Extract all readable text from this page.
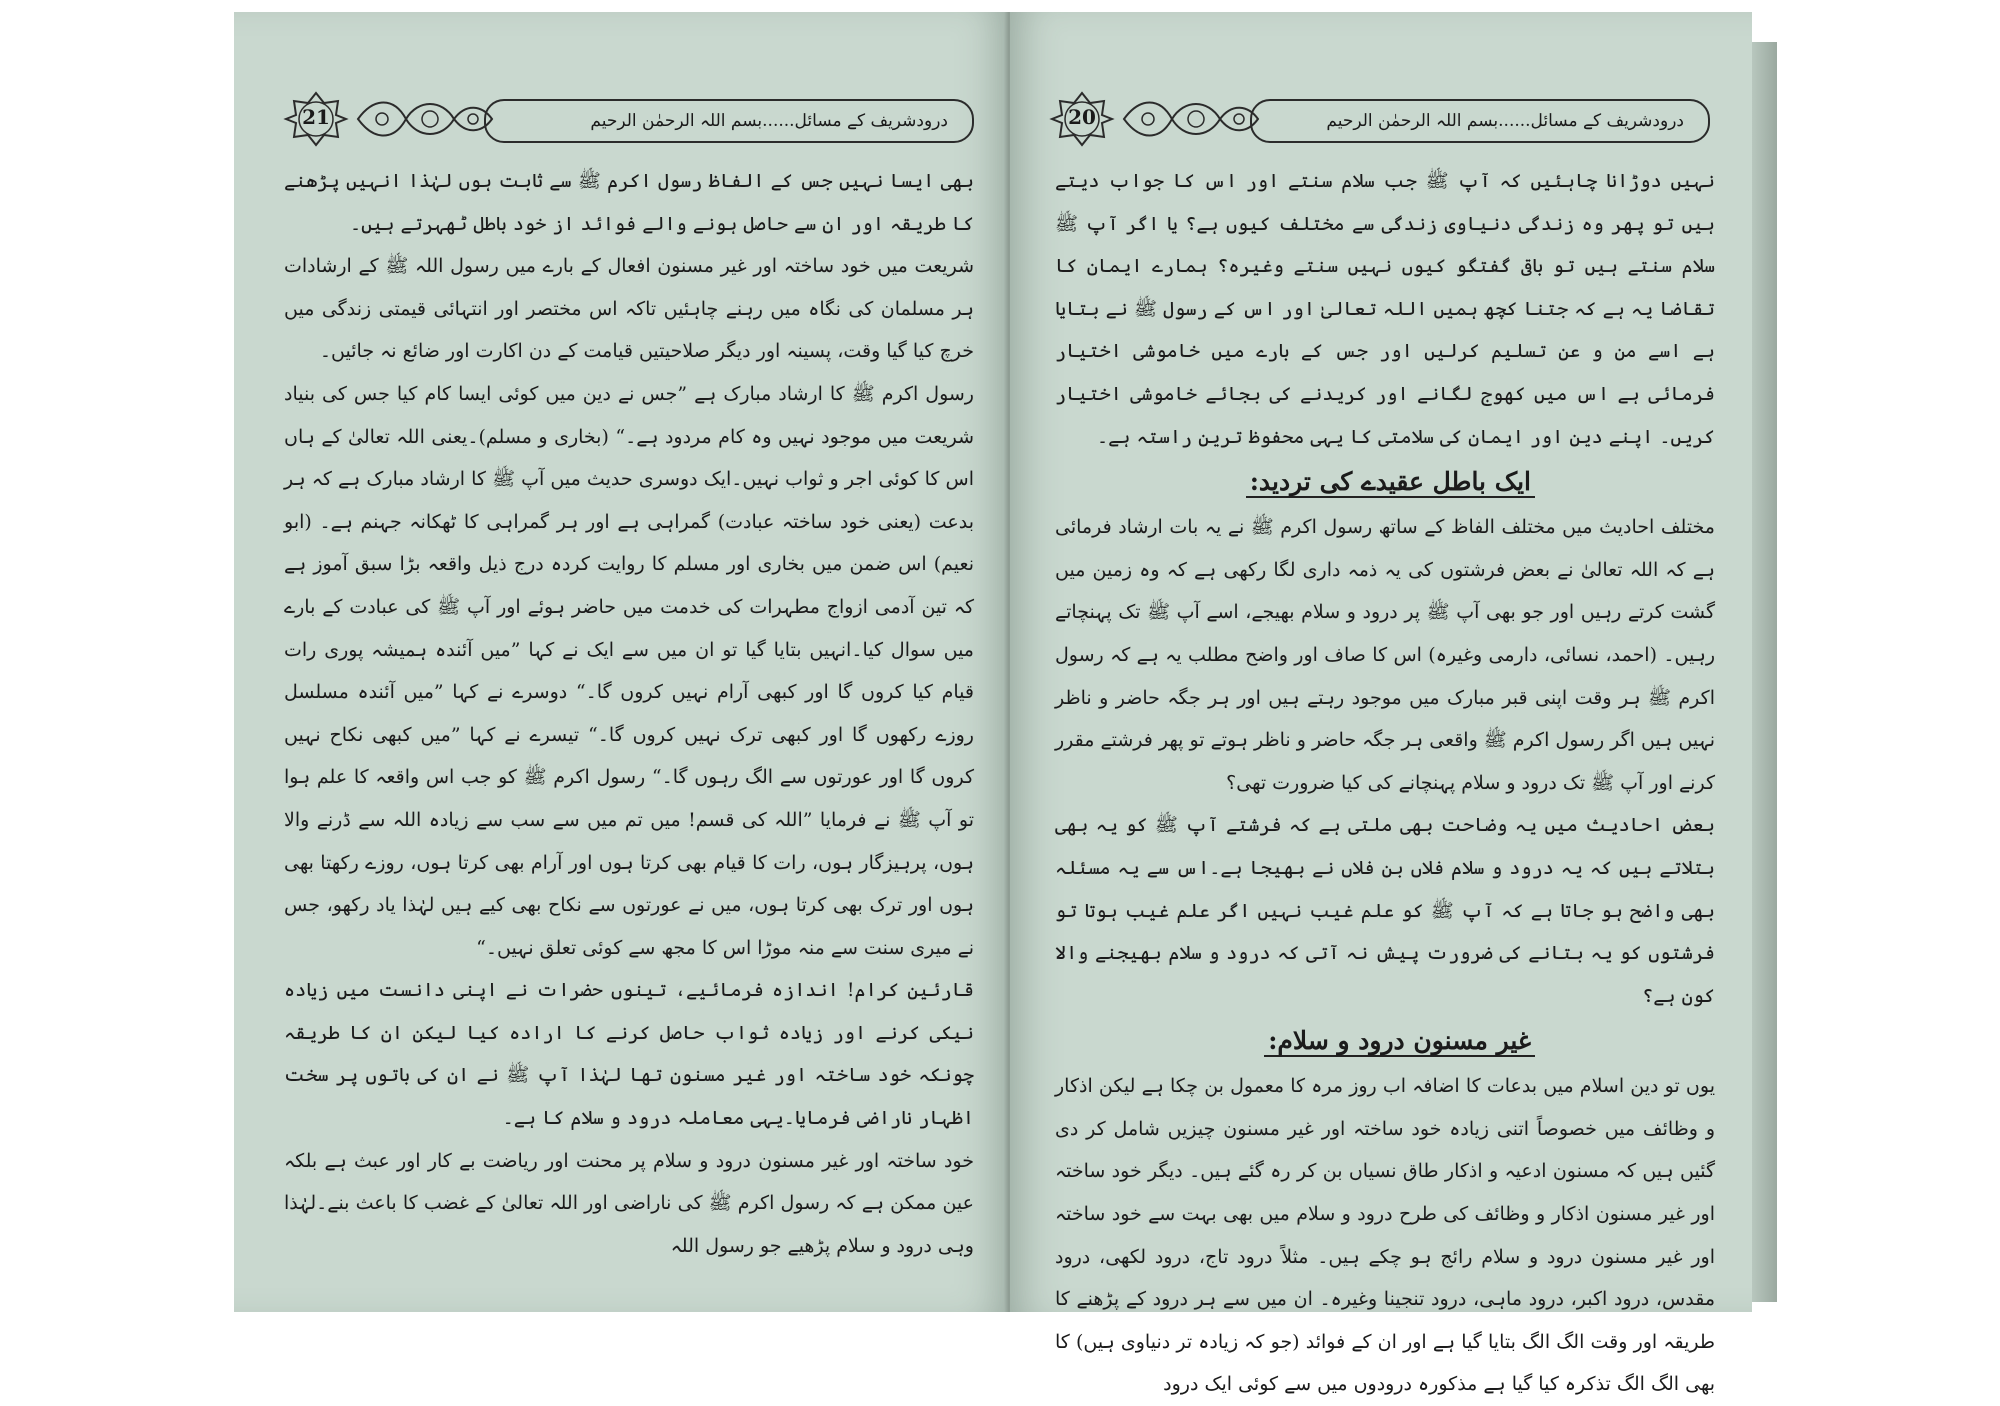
21	درودشریف کے مسائل......بسم اللہ الرحمٰن الرحیم

بھی ایسا نہیں جس کے الفاظ رسول اکرم ﷺ سے ثابت ہوں لہٰذا انہیں پڑھنے کا طریقہ اور ان سے حاصل ہونے والے فوائد از خود باطل ٹھہرتے ہیں۔

شریعت میں خود ساختہ اور غیر مسنون افعال کے بارے میں رسول اللہ ﷺ کے ارشادات ہر مسلمان کی نگاہ میں رہنے چاہئیں تاکہ اس مختصر اور انتہائی قیمتی زندگی میں خرچ کیا گیا وقت، پسینہ اور دیگر صلاحیتیں قیامت کے دن اکارت اور ضائع نہ جائیں۔

رسول اکرم ﷺ کا ارشاد مبارک ہے ”جس نے دین میں کوئی ایسا کام کیا جس کی بنیاد شریعت میں موجود نہیں وہ کام مردود ہے۔“ (بخاری و مسلم)۔یعنی اللہ تعالیٰ کے ہاں اس کا کوئی اجر و ثواب نہیں۔ایک دوسری حدیث میں آپ ﷺ کا ارشاد مبارک ہے کہ ہر بدعت (یعنی خود ساختہ عبادت) گمراہی ہے اور ہر گمراہی کا ٹھکانہ جہنم ہے۔ (ابو نعیم) اس ضمن میں بخاری اور مسلم کا روایت کردہ درج ذیل واقعہ بڑا سبق آموز ہے کہ تین آدمی ازواج مطہرات کی خدمت میں حاضر ہوئے اور آپ ﷺ کی عبادت کے بارے میں سوال کیا۔انہیں بتایا گیا تو ان میں سے ایک نے کہا ”میں آئندہ ہمیشہ پوری رات قیام کیا کروں گا اور کبھی آرام نہیں کروں گا۔“ دوسرے نے کہا ”میں آئندہ مسلسل روزے رکھوں گا اور کبھی ترک نہیں کروں گا۔“ تیسرے نے کہا ”میں کبھی نکاح نہیں کروں گا اور عورتوں سے الگ رہوں گا۔“ رسول اکرم ﷺ کو جب اس واقعہ کا علم ہوا تو آپ ﷺ نے فرمایا ”اللہ کی قسم! میں تم میں سے سب سے زیادہ اللہ سے ڈرنے والا ہوں، پرہیزگار ہوں، رات کا قیام بھی کرتا ہوں اور آرام بھی کرتا ہوں، روزے رکھتا بھی ہوں اور ترک بھی کرتا ہوں، میں نے عورتوں سے نکاح بھی کیے ہیں لہٰذا یاد رکھو، جس نے میری سنت سے منہ موڑا اس کا مجھ سے کوئی تعلق نہیں۔“

قارئین کرام! اندازہ فرمائیے، تینوں حضرات نے اپنی دانست میں زیادہ نیکی کرنے اور زیادہ ثواب حاصل کرنے کا ارادہ کیا لیکن ان کا طریقہ چونکہ خود ساختہ اور غیر مسنون تھا لہٰذا آپ ﷺ نے ان کی باتوں پر سخت اظہار ناراضی فرمایا۔یہی معاملہ درود و سلام کا ہے۔

خود ساختہ اور غیر مسنون درود و سلام پر محنت اور ریاضت بے کار اور عبث ہے بلکہ عین ممکن ہے کہ رسول اکرم ﷺ کی ناراضی اور اللہ تعالیٰ کے غضب کا باعث بنے۔لہٰذا وہی درود و سلام پڑھیے جو رسول اللہ

20	درودشریف کے مسائل......بسم اللہ الرحمٰن الرحیم

نہیں دوڑانا چاہئیں کہ آپ ﷺ جب سلام سنتے اور اس کا جواب دیتے ہیں تو پھر وہ زندگی دنیاوی زندگی سے مختلف کیوں ہے؟ یا اگر آپ ﷺ سلام سنتے ہیں تو باقی گفتگو کیوں نہیں سنتے وغیرہ؟ ہمارے ایمان کا تقاضا یہ ہے کہ جتنا کچھ ہمیں اللہ تعالیٰ اور اس کے رسول ﷺ نے بتایا ہے اسے من و عن تسلیم کرلیں اور جس کے بارے میں خاموشی اختیار فرمائی ہے اس میں کھوج لگانے اور کریدنے کی بجائے خاموشی اختیار کریں۔ اپنے دین اور ایمان کی سلامتی کا یہی محفوظ ترین راستہ ہے۔

ایک باطل عقیدے کی تردید:

مختلف احادیث میں مختلف الفاظ کے ساتھ رسول اکرم ﷺ نے یہ بات ارشاد فرمائی ہے کہ اللہ تعالیٰ نے بعض فرشتوں کی یہ ذمہ داری لگا رکھی ہے کہ وہ زمین میں گشت کرتے رہیں اور جو بھی آپ ﷺ پر درود و سلام بھیجے، اسے آپ ﷺ تک پہنچاتے رہیں۔ (احمد، نسائی، دارمی وغیرہ) اس کا صاف اور واضح مطلب یہ ہے کہ رسول اکرم ﷺ ہر وقت اپنی قبر مبارک میں موجود رہتے ہیں اور ہر جگہ حاضر و ناظر نہیں ہیں اگر رسول اکرم ﷺ واقعی ہر جگہ حاضر و ناظر ہوتے تو پھر فرشتے مقرر کرنے اور آپ ﷺ تک درود و سلام پہنچانے کی کیا ضرورت تھی؟

بعض احادیث میں یہ وضاحت بھی ملتی ہے کہ فرشتے آپ ﷺ کو یہ بھی بتلاتے ہیں کہ یہ درود و سلام فلاں بن فلاں نے بھیجا ہے۔اس سے یہ مسئلہ بھی واضح ہو جاتا ہے کہ آپ ﷺ کو علم غیب نہیں اگر علم غیب ہوتا تو فرشتوں کو یہ بتانے کی ضرورت پیش نہ آتی کہ درود و سلام بھیجنے والا کون ہے؟

غیر مسنون درود و سلام:

یوں تو دین اسلام میں بدعات کا اضافہ اب روز مرہ کا معمول بن چکا ہے لیکن اذکار و وظائف میں خصوصاً اتنی زیادہ خود ساختہ اور غیر مسنون چیزیں شامل کر دی گئیں ہیں کہ مسنون ادعیہ و اذکار طاق نسیاں بن کر رہ گئے ہیں۔ دیگر خود ساختہ اور غیر مسنون اذکار و وظائف کی طرح درود و سلام میں بھی بہت سے خود ساختہ اور غیر مسنون درود و سلام رائج ہو چکے ہیں۔ مثلاً درود تاج، درود لکھی، درود مقدس، درود اکبر، درود ماہی، درود تنجینا وغیرہ۔ ان میں سے ہر درود کے پڑھنے کا طریقہ اور وقت الگ الگ بتایا گیا ہے اور ان کے فوائد (جو کہ زیادہ تر دنیاوی ہیں) کا بھی الگ الگ تذکرہ کیا گیا ہے مذکورہ درودوں میں سے کوئی ایک درود
